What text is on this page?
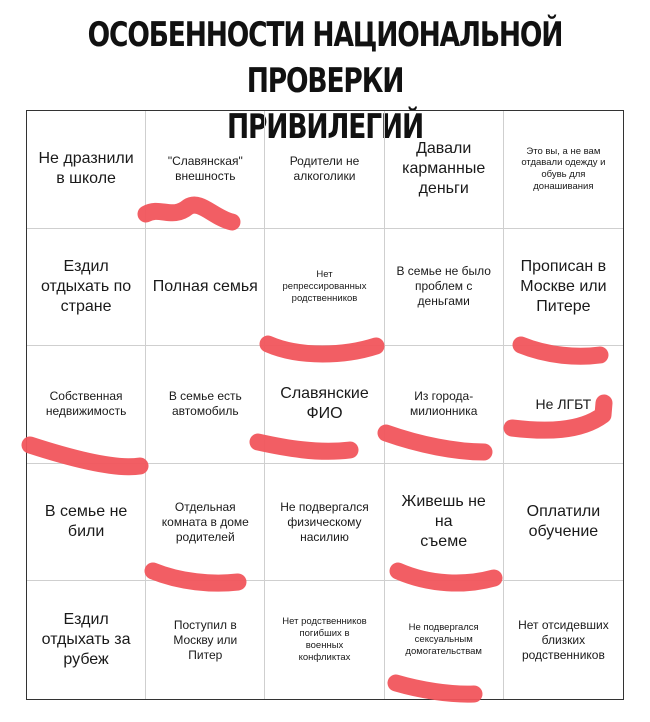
ОСОБЕННОСТИ НАЦИОНАЛЬНОЙ ПРОВЕРКИ
ПРИВИЛЕГИЙ
Не дразнили
в школе
"Славянская"
внешность
Родители не
алкоголики
Давали
карманные
деньги
Это вы, а не вам
отдавали одежду и
обувь для
донашивания
Ездил
отдыхать по
стране
Полная семья
Нет
репрессированных
родственников
В семье не было
проблем с
деньгами
Прописан в
Москве или
Питере
Собственная
недвижимость
В семье есть
автомобиль
Славянские
ФИО
Из города-
милионника	Не ЛГБТ
В семье не
били
Отдельная
комната в доме
родителей
Не подвергался
физическому
насилию
Живешь не на
съеме
Оплатили
обучение
Ездил
отдыхать за
рубеж
Поступил в
Москву или
Питер
Нет родственников
погибших в
военных
конфликтах
Не подвергался
сексуальным
домогательствам
Нет отсидевших
близких
родственников
